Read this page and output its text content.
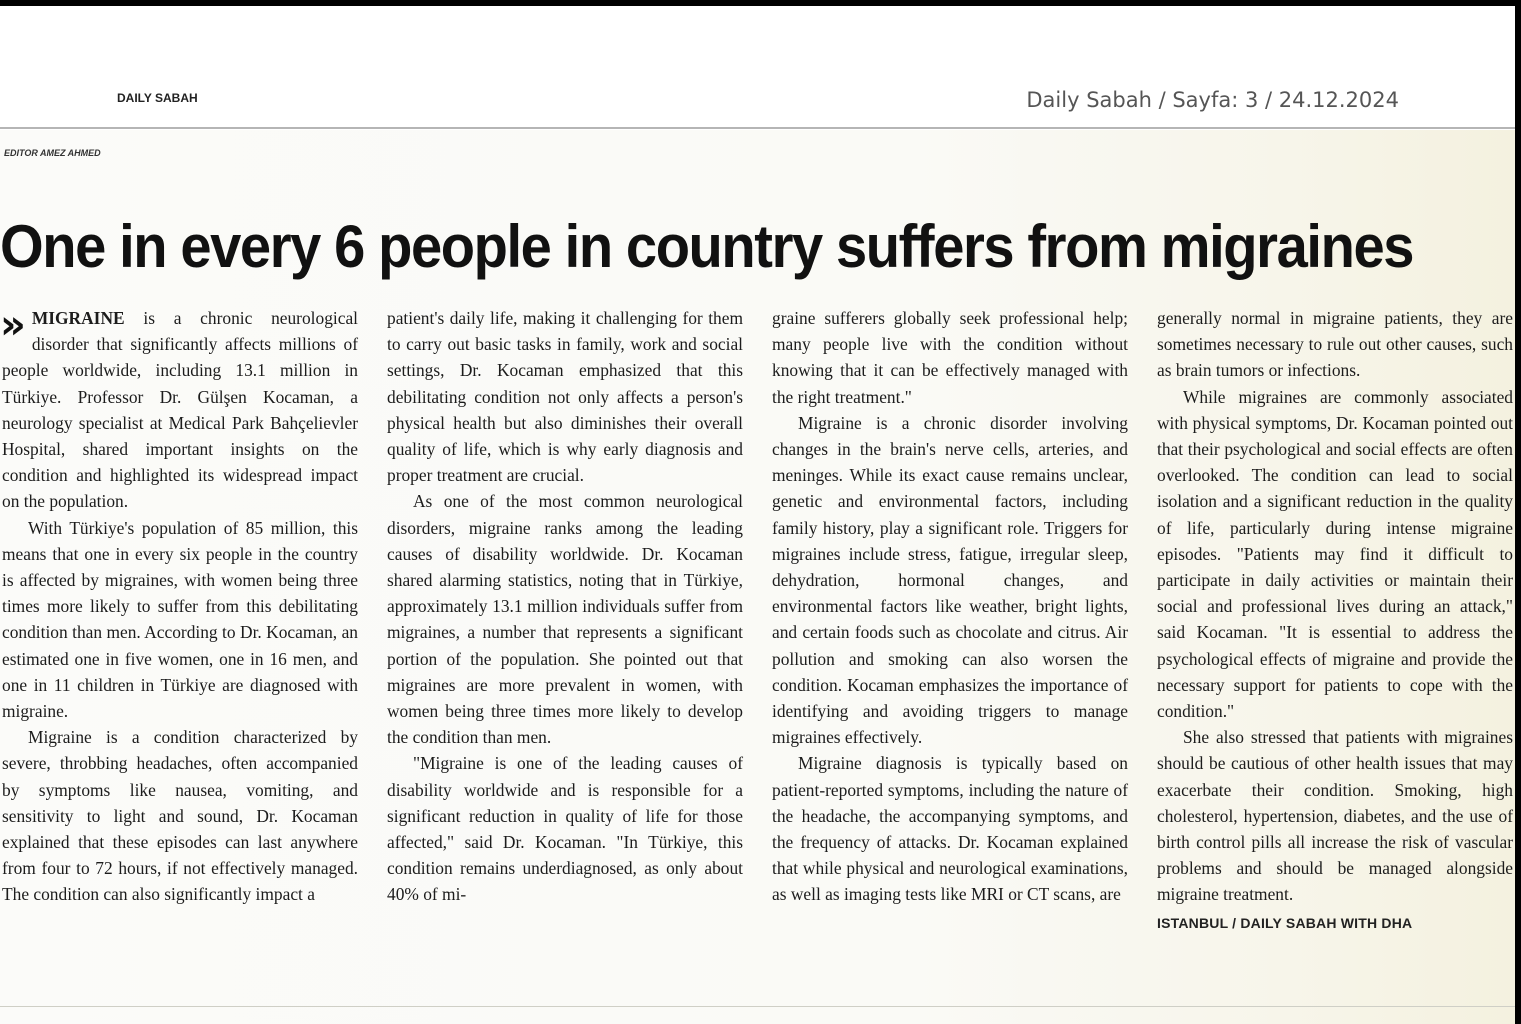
DAILY SABAH	Daily Sabah / Sayfa: 3 / 24.12.2024
EDITOR AMEZ AHMED
One in every 6 people in country suffers from migraines

» MIGRAINE is a chronic neurological disorder that significantly affects millions of people worldwide, including 13.1 million in Türkiye. Professor Dr. Gülşen Kocaman, a neurology specialist at Medical Park Bahçelievler Hospital, shared important insights on the condition and highlighted its widespread impact on the population.

With Türkiye's population of 85 million, this means that one in every six people in the country is affected by migraines, with women being three times more likely to suffer from this debilitating condition than men. According to Dr. Kocaman, an estimated one in five women, one in 16 men, and one in 11 children in Türkiye are diagnosed with migraine.

Migraine is a condition characterized by severe, throbbing headaches, often accompanied by symptoms like nausea, vomiting, and sensitivity to light and sound, Dr. Kocaman explained that these episodes can last anywhere from four to 72 hours, if not effectively managed. The condition can also significantly impact a

patient's daily life, making it challenging for them to carry out basic tasks in family, work and social settings, Dr. Kocaman emphasized that this debilitating condition not only affects a person's physical health but also diminishes their overall quality of life, which is why early diagnosis and proper treatment are crucial.

As one of the most common neurological disorders, migraine ranks among the leading causes of disability worldwide. Dr. Kocaman shared alarming statistics, noting that in Türkiye, approximately 13.1 million individuals suffer from migraines, a number that represents a significant portion of the population. She pointed out that migraines are more prevalent in women, with women being three times more likely to develop the condition than men.

"Migraine is one of the leading causes of disability worldwide and is responsible for a significant reduction in quality of life for those affected," said Dr. Kocaman. "In Türkiye, this condition remains underdiagnosed, as only about 40% of mi-

graine sufferers globally seek professional help; many people live with the condition without knowing that it can be effectively managed with the right treatment."

Migraine is a chronic disorder involving changes in the brain's nerve cells, arteries, and meninges. While its exact cause remains unclear, genetic and environmental factors, including family history, play a significant role. Triggers for migraines include stress, fatigue, irregular sleep, dehydration, hormonal changes, and environmental factors like weather, bright lights, and certain foods such as chocolate and citrus. Air pollution and smoking can also worsen the condition. Kocaman emphasizes the importance of identifying and avoiding triggers to manage migraines effectively.

Migraine diagnosis is typically based on patient-reported symptoms, including the nature of the headache, the accompanying symptoms, and the frequency of attacks. Dr. Kocaman explained that while physical and neurological examinations, as well as imaging tests like MRI or CT scans, are

generally normal in migraine patients, they are sometimes necessary to rule out other causes, such as brain tumors or infections.

While migraines are commonly associated with physical symptoms, Dr. Kocaman pointed out that their psychological and social effects are often overlooked. The condition can lead to social isolation and a significant reduction in the quality of life, particularly during intense migraine episodes. "Patients may find it difficult to participate in daily activities or maintain their social and professional lives during an attack," said Kocaman. "It is essential to address the psychological effects of migraine and provide the necessary support for patients to cope with the condition."

She also stressed that patients with migraines should be cautious of other health issues that may exacerbate their condition. Smoking, high cholesterol, hypertension, diabetes, and the use of birth control pills all increase the risk of vascular problems and should be managed alongside migraine treatment.

ISTANBUL / DAILY SABAH WITH DHA
